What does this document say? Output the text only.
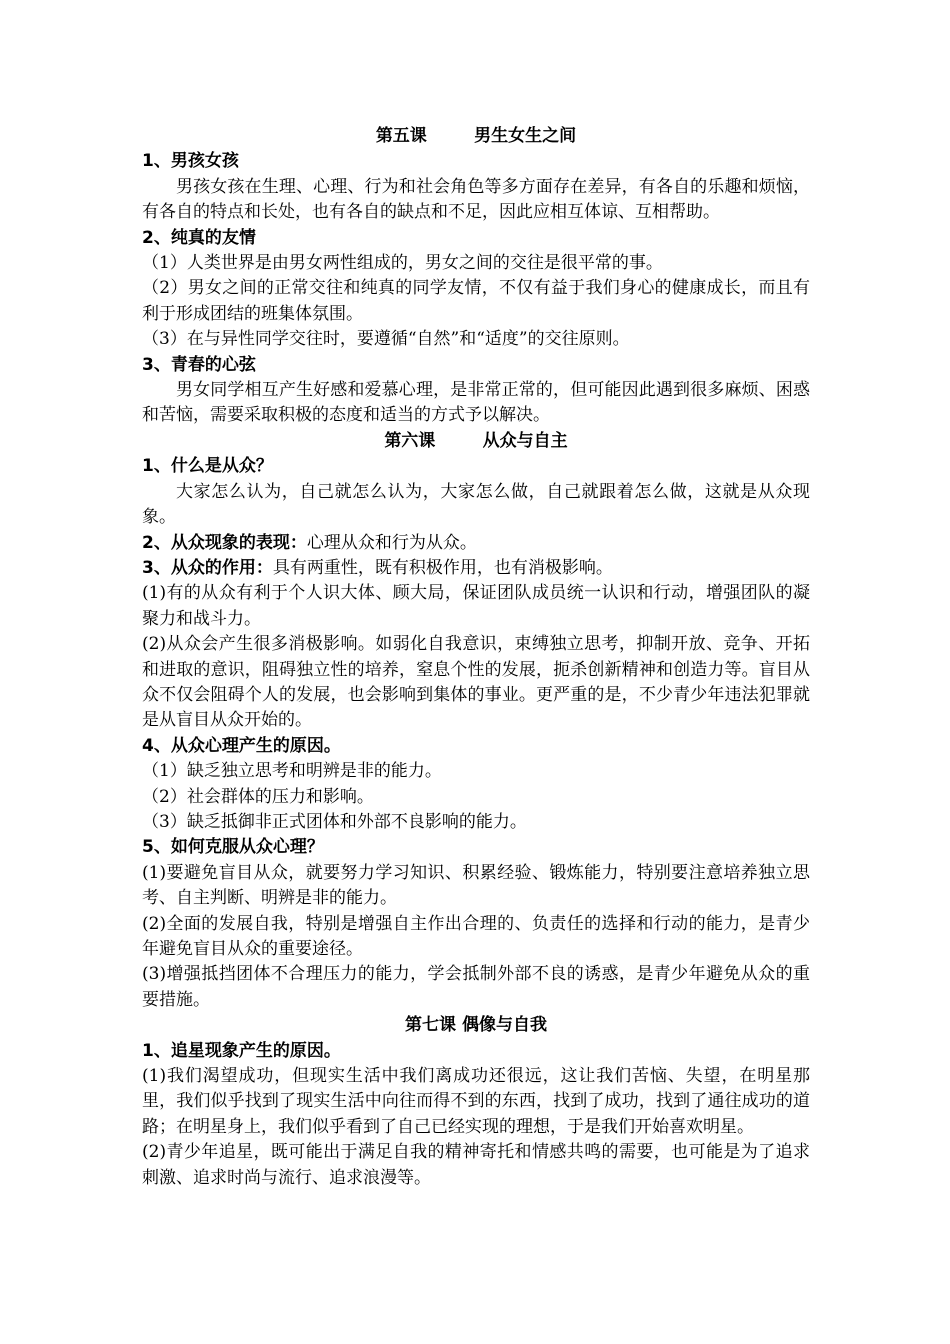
第五课        男生女生之间
1、男孩女孩

男孩女孩在生理、心理、行为和社会角色等多方面存在差异，有各自的乐趣和烦恼，有各自的特点和长处，也有各自的缺点和不足，因此应相互体谅、互相帮助。

2、纯真的友情

（1）人类世界是由男女两性组成的，男女之间的交往是很平常的事。

（2）男女之间的正常交往和纯真的同学友情，不仅有益于我们身心的健康成长，而且有利于形成团结的班集体氛围。

（3）在与异性同学交往时，要遵循“自然”和“适度”的交往原则。

3、青春的心弦

男女同学相互产生好感和爱慕心理，是非常正常的，但可能因此遇到很多麻烦、困惑和苦恼，需要采取积极的态度和适当的方式予以解决。

第六课        从众与自主
1、什么是从众？

大家怎么认为，自己就怎么认为，大家怎么做，自己就跟着怎么做，这就是从众现象。

2、从众现象的表现：心理从众和行为从众。

3、从众的作用：具有两重性，既有积极作用，也有消极影响。

(1)有的从众有利于个人识大体、顾大局，保证团队成员统一认识和行动，增强团队的凝聚力和战斗力。

(2)从众会产生很多消极影响。如弱化自我意识，束缚独立思考，抑制开放、竞争、开拓和进取的意识，阻碍独立性的培养，窒息个性的发展，扼杀创新精神和创造力等。盲目从众不仅会阻碍个人的发展，也会影响到集体的事业。更严重的是，不少青少年违法犯罪就是从盲目从众开始的。

4、从众心理产生的原因。

（1）缺乏独立思考和明辨是非的能力。

（2）社会群体的压力和影响。

（3）缺乏抵御非正式团体和外部不良影响的能力。

5、如何克服从众心理？

(1)要避免盲目从众，就要努力学习知识、积累经验、锻炼能力，特别要注意培养独立思考、自主判断、明辨是非的能力。

(2)全面的发展自我，特别是增强自主作出合理的、负责任的选择和行动的能力，是青少年避免盲目从众的重要途径。

(3)增强抵挡团体不合理压力的能力，学会抵制外部不良的诱惑，是青少年避免从众的重要措施。

第七课 偶像与自我
1、追星现象产生的原因。

(1)我们渴望成功，但现实生活中我们离成功还很远，这让我们苦恼、失望，在明星那里，我们似乎找到了现实生活中向往而得不到的东西，找到了成功，找到了通往成功的道路；在明星身上，我们似乎看到了自己已经实现的理想，于是我们开始喜欢明星。

(2)青少年追星，既可能出于满足自我的精神寄托和情感共鸣的需要，也可能是为了追求刺激、追求时尚与流行、追求浪漫等。
